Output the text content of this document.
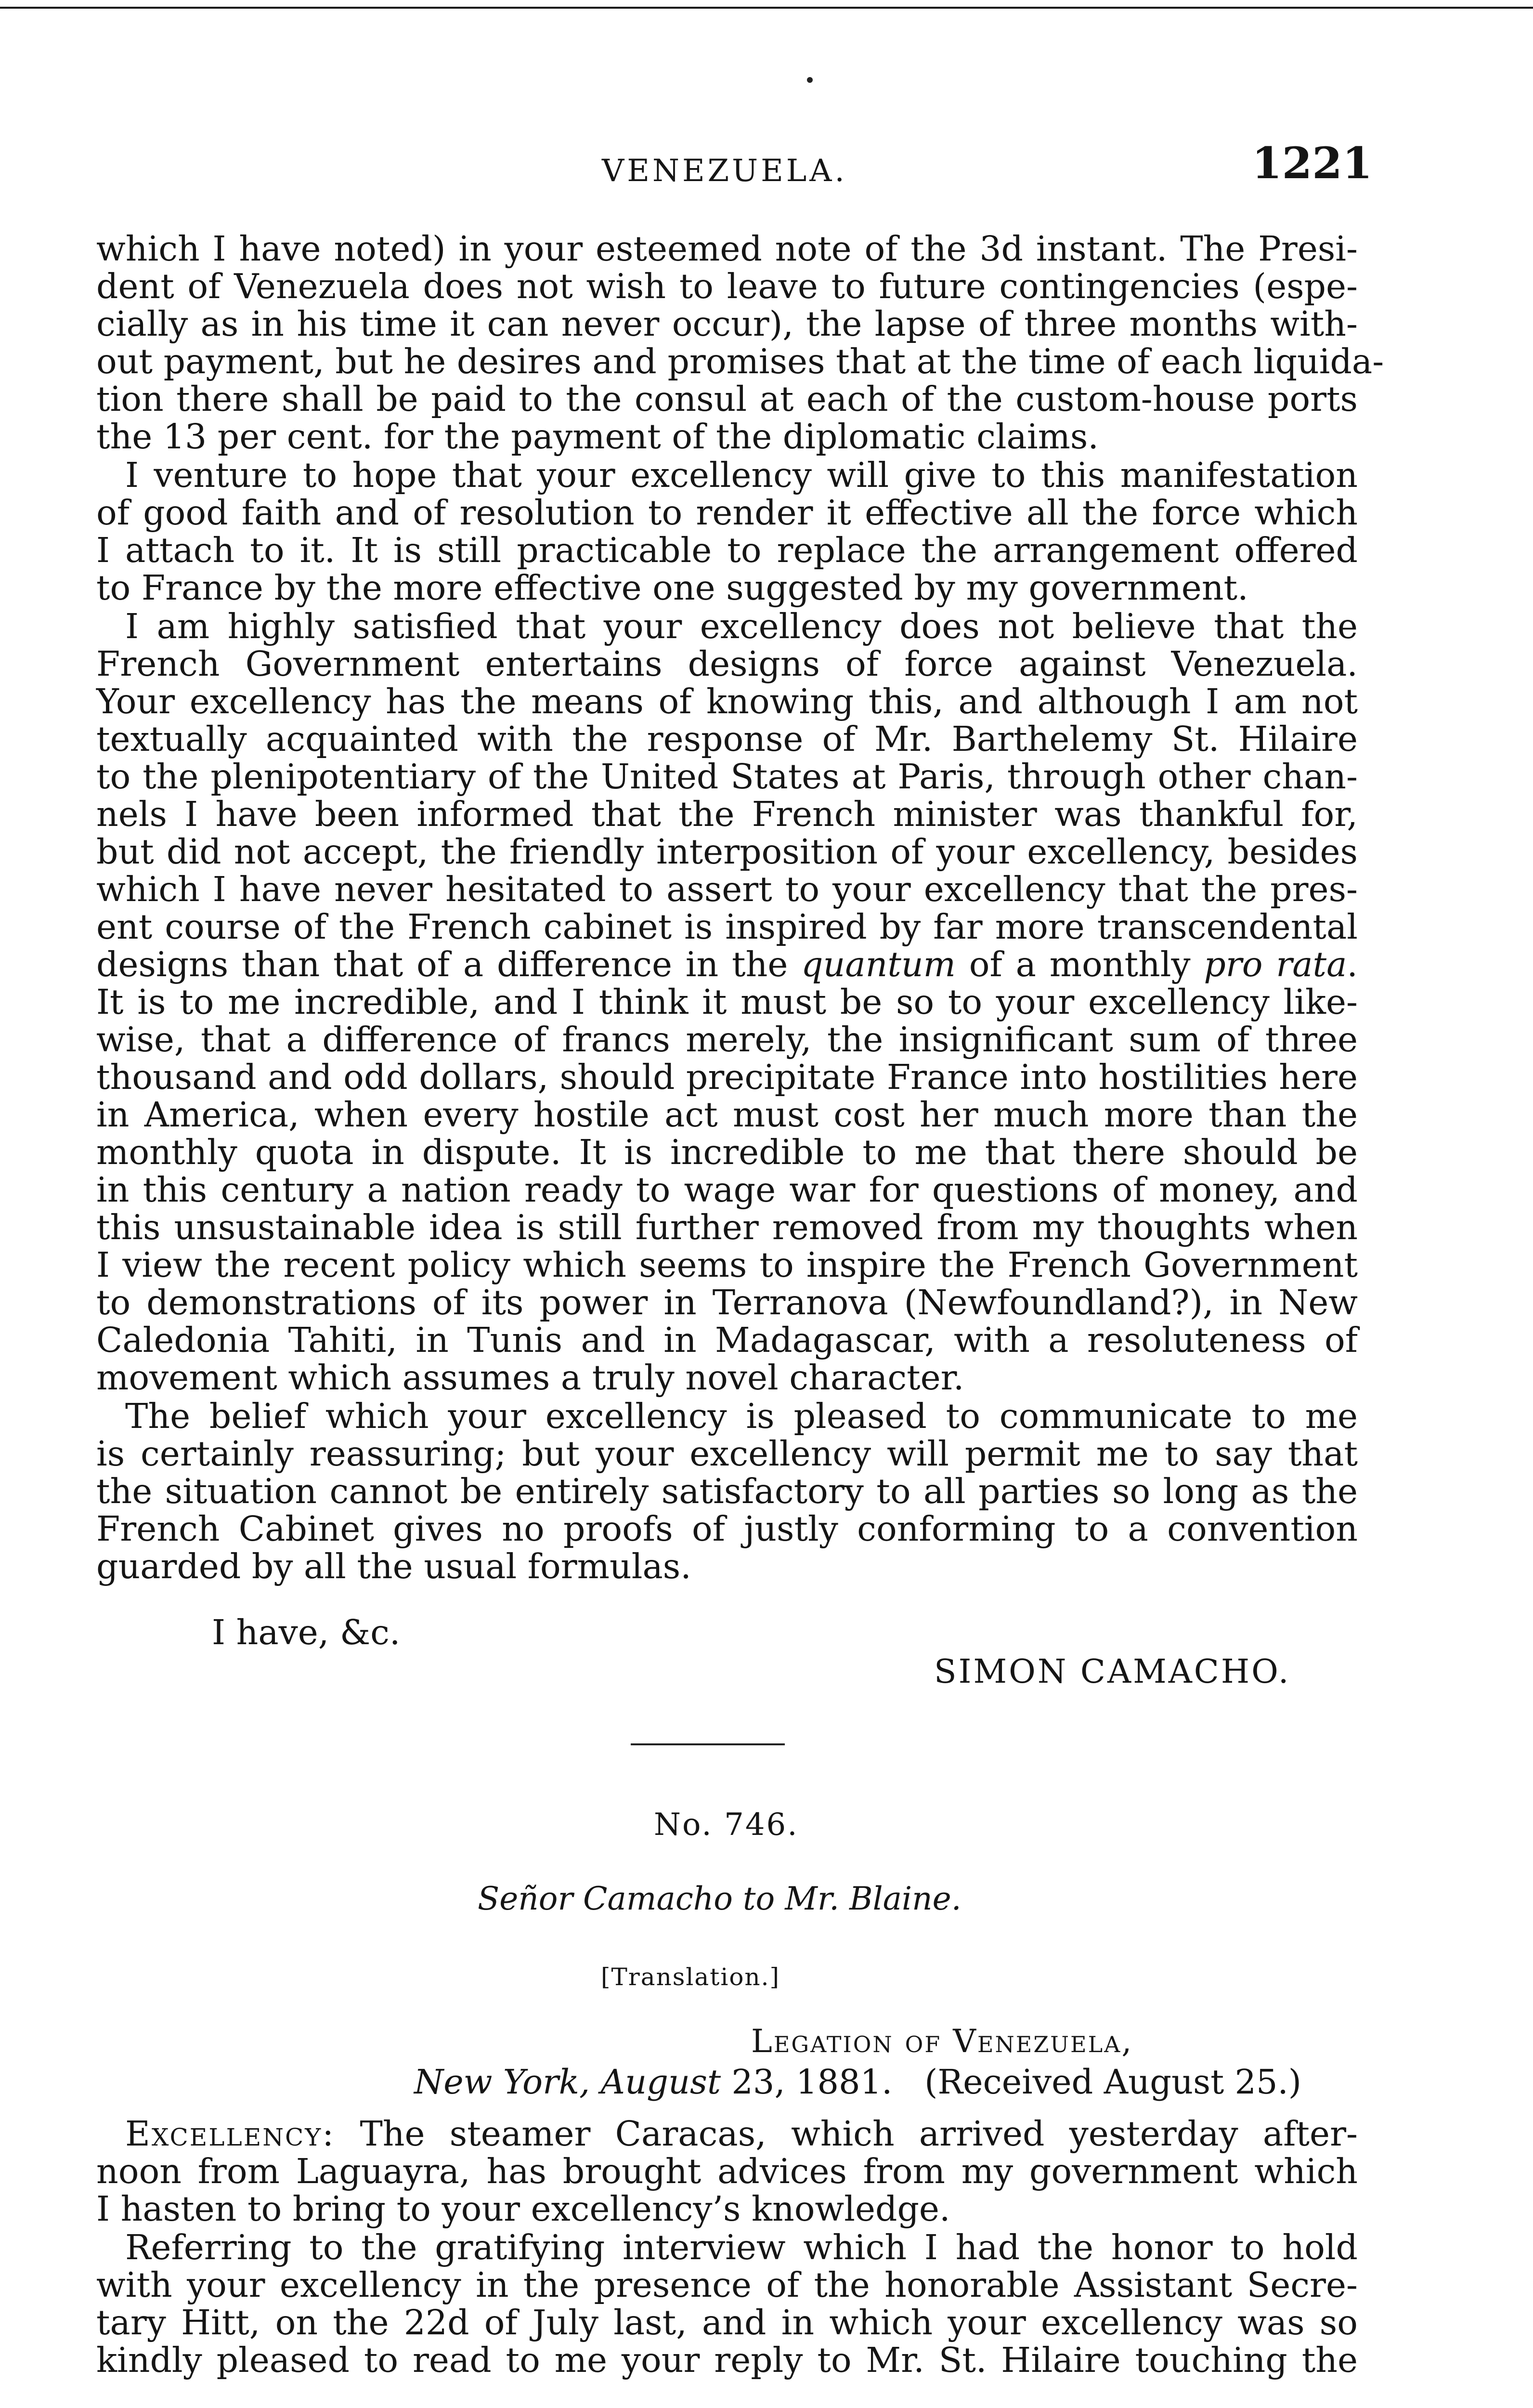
VENEZUELA.	1221
which I have noted) in your esteemed note of the 3d instant. The Presi-
dent of Venezuela does not wish to leave to future contingencies (espe-
cially as in his time it can never occur), the lapse of three months with-
out payment, but he desires and promises that at the time of each liquida-
tion there shall be paid to the consul at each of the custom-house ports
the 13 per cent. for the payment of the diplomatic claims.
I venture to hope that your excellency will give to this manifestation
of good faith and of resolution to render it effective all the force which
I attach to it. It is still practicable to replace the arrangement offered
to France by the more effective one suggested by my government.
I am highly satisfied that your excellency does not believe that the
French Government entertains designs of force against Venezuela.
Your excellency has the means of knowing this, and although I am not
textually acquainted with the response of Mr. Barthelemy St. Hilaire
to the plenipotentiary of the United States at Paris, through other chan-
nels I have been informed that the French minister was thankful for,
but did not accept, the friendly interposition of your excellency, besides
which I have never hesitated to assert to your excellency that the pres-
ent course of the French cabinet is inspired by far more transcendental
designs than that of a difference in the quantum of a monthly pro rata.
It is to me incredible, and I think it must be so to your excellency like-
wise, that a difference of francs merely, the insignificant sum of three
thousand and odd dollars, should precipitate France into hostilities here
in America, when every hostile act must cost her much more than the
monthly quota in dispute. It is incredible to me that there should be
in this century a nation ready to wage war for questions of money, and
this unsustainable idea is still further removed from my thoughts when
I view the recent policy which seems to inspire the French Government
to demonstrations of its power in Terranova (Newfoundland?), in New
Caledonia Tahiti, in Tunis and in Madagascar, with a resoluteness of
movement which assumes a truly novel character.
The belief which your excellency is pleased to communicate to me
is certainly reassuring; but your excellency will permit me to say that
the situation cannot be entirely satisfactory to all parties so long as the
French Cabinet gives no proofs of justly conforming to a convention
guarded by all the usual formulas.
I have, &c.
SIMON CAMACHO.
No. 746.
Señor Camacho to Mr. Blaine.
[Translation.]
Legation of Venezuela,
New York, August 23, 1881. (Received August 25.)
Excellency: The steamer Caracas, which arrived yesterday after-
noon from Laguayra, has brought advices from my government which
I hasten to bring to your excellency’s knowledge.
Referring to the gratifying interview which I had the honor to hold
with your excellency in the presence of the honorable Assistant Secre-
tary Hitt, on the 22d of July last, and in which your excellency was so
kindly pleased to read to me your reply to Mr. St. Hilaire touching the
